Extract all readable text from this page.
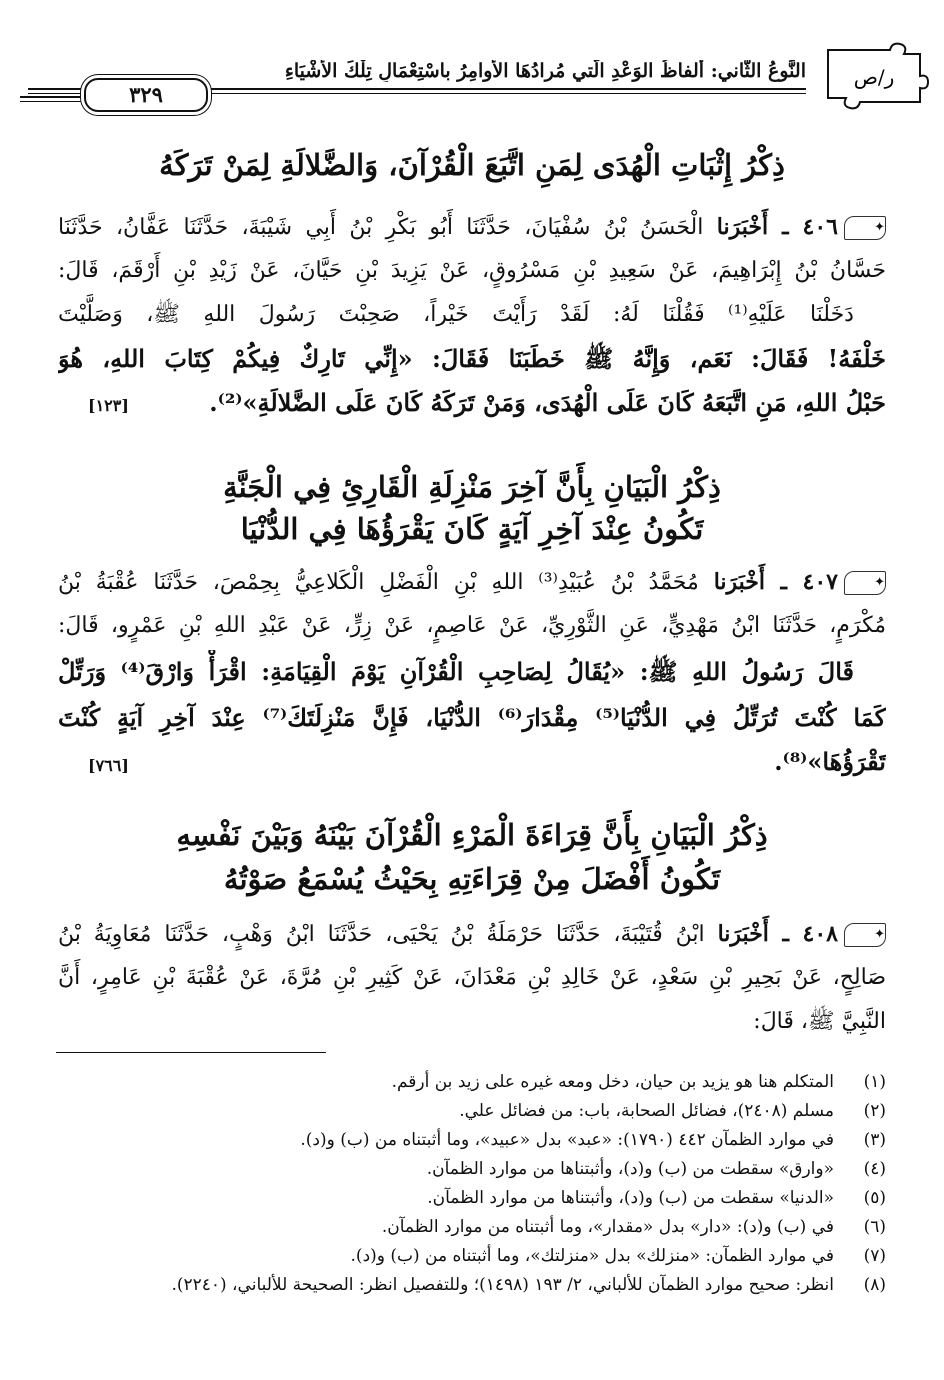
ر/ص
النَّوعُ الثَّاني: ألفاظُ الوَعْدِ الَّتي مُرادُهَا الأوامِرُ باسْتِعْمَالِ تِلْكَ الأشْيَاءِ
٣٢٩
ذِكْرُ إِثْبَاتِ الْهُدَى لِمَنِ اتَّبَعَ الْقُرْآنَ، وَالضَّلالَةِ لِمَنْ تَرَكَهُ
✦٤٠٦ ـ أَخْبَرَنا الْحَسَنُ بْنُ سُفْيَانَ، حَدَّثَنَا أَبُو بَكْرِ بْنُ أَبِي شَيْبَةَ، حَدَّثَنَا عَفَّانُ، حَدَّثَنَا
حَسَّانُ بْنُ إِبْرَاهِيمَ، عَنْ سَعِيدِ بْنِ مَسْرُوقٍ، عَنْ يَزِيدَ بْنِ حَيَّانَ، عَنْ زَيْدِ بْنِ أَرْقَمَ، قَالَ:
دَخَلْنَا عَلَيْهِ⁽¹⁾ فَقُلْنَا لَهُ: لَقَدْ رَأَيْتَ خَيْراً، صَحِبْتَ رَسُولَ اللهِ ﷺ، وَصَلَّيْتَ
خَلْفَهُ! فَقَالَ: نَعَم، وَإِنَّهُ ﷺ خَطَبَنَا فَقَالَ: «إِنِّي تَارِكٌ فِيكُمْ كِتَابَ اللهِ، هُوَ
حَبْلُ اللهِ، مَنِ اتَّبَعَهُ كَانَ عَلَى الْهُدَى، وَمَنْ تَرَكَهُ كَانَ عَلَى الضَّلالَةِ»⁽²⁾.
[١٢٣]
ذِكْرُ الْبَيَانِ بِأَنَّ آخِرَ مَنْزِلَةِ الْقَارِئِ فِي الْجَنَّةِ
تَكُونُ عِنْدَ آخِرِ آيَةٍ كَانَ يَقْرَؤُهَا فِي الدُّنْيَا
✦٤٠٧ ـ أَخْبَرَنا مُحَمَّدُ بْنُ عُبَيْدِ⁽³⁾ اللهِ بْنِ الْفَضْلِ الْكَلاعِيُّ بِحِمْصَ، حَدَّثَنَا عُقْبَةُ بْنُ
مُكْرَمٍ، حَدَّثَنَا ابْنُ مَهْدِيٍّ، عَنِ الثَّوْرِيِّ، عَنْ عَاصِمٍ، عَنْ زِرٍّ، عَنْ عَبْدِ اللهِ بْنِ عَمْرٍو، قَالَ:
قَالَ رَسُولُ اللهِ ﷺ: «يُقَالُ لِصَاحِبِ الْقُرْآنِ يَوْمَ الْقِيَامَةِ: اقْرَأْ وَارْقَ⁽⁴⁾ وَرَتِّلْ
كَمَا كُنْتَ تُرَتِّلُ فِي الدُّنْيَا⁽⁵⁾ مِقْدَارَ⁽⁶⁾ الدُّنْيَا، فَإِنَّ مَنْزِلَتَكَ⁽⁷⁾ عِنْدَ آخِرِ آيَةٍ كُنْتَ
تَقْرَؤُهَا»⁽⁸⁾.
[٧٦٦]
ذِكْرُ الْبَيَانِ بِأَنَّ قِرَاءَةَ الْمَرْءِ الْقُرْآنَ بَيْنَهُ وَبَيْنَ نَفْسِهِ
تَكُونُ أَفْضَلَ مِنْ قِرَاءَتِهِ بِحَيْثُ يُسْمَعُ صَوْتُهُ
✦٤٠٨ ـ أَخْبَرَنا ابْنُ قُتَيْبَةَ، حَدَّثَنَا حَرْمَلَةُ بْنُ يَحْيَى، حَدَّثَنَا ابْنُ وَهْبٍ، حَدَّثَنَا مُعَاوِيَةُ بْنُ
صَالِحٍ، عَنْ بَحِيرِ بْنِ سَعْدٍ، عَنْ خَالِدِ بْنِ مَعْدَانَ، عَنْ كَثِيرِ بْنِ مُرَّةَ، عَنْ عُقْبَةَ بْنِ عَامِرٍ، أَنَّ
النَّبِيَّ ﷺ، قَالَ:
(١)المتكلم هنا هو يزيد بن حيان، دخل ومعه غيره على زيد بن أرقم.
(٢)مسلم (٢٤٠٨)، فضائل الصحابة، باب: من فضائل علي.
(٣)في موارد الظمآن ٤٤٢ (١٧٩٠): «عبد» بدل «عبيد»، وما أثبتناه من (ب) و(د).
(٤)«وارق» سقطت من (ب) و(د)، وأثبتناها من موارد الظمآن.
(٥)«الدنيا» سقطت من (ب) و(د)، وأثبتناها من موارد الظمآن.
(٦)في (ب) و(د): «دار» بدل «مقدار»، وما أثبتناه من موارد الظمآن.
(٧)في موارد الظمآن: «منزلك» بدل «منزلتك»، وما أثبتناه من (ب) و(د).
(٨)انظر: صحيح موارد الظمآن للألباني، ٢/ ١٩٣ (١٤٩٨)؛ وللتفصيل انظر: الصحيحة للألباني، (٢٢٤٠).
